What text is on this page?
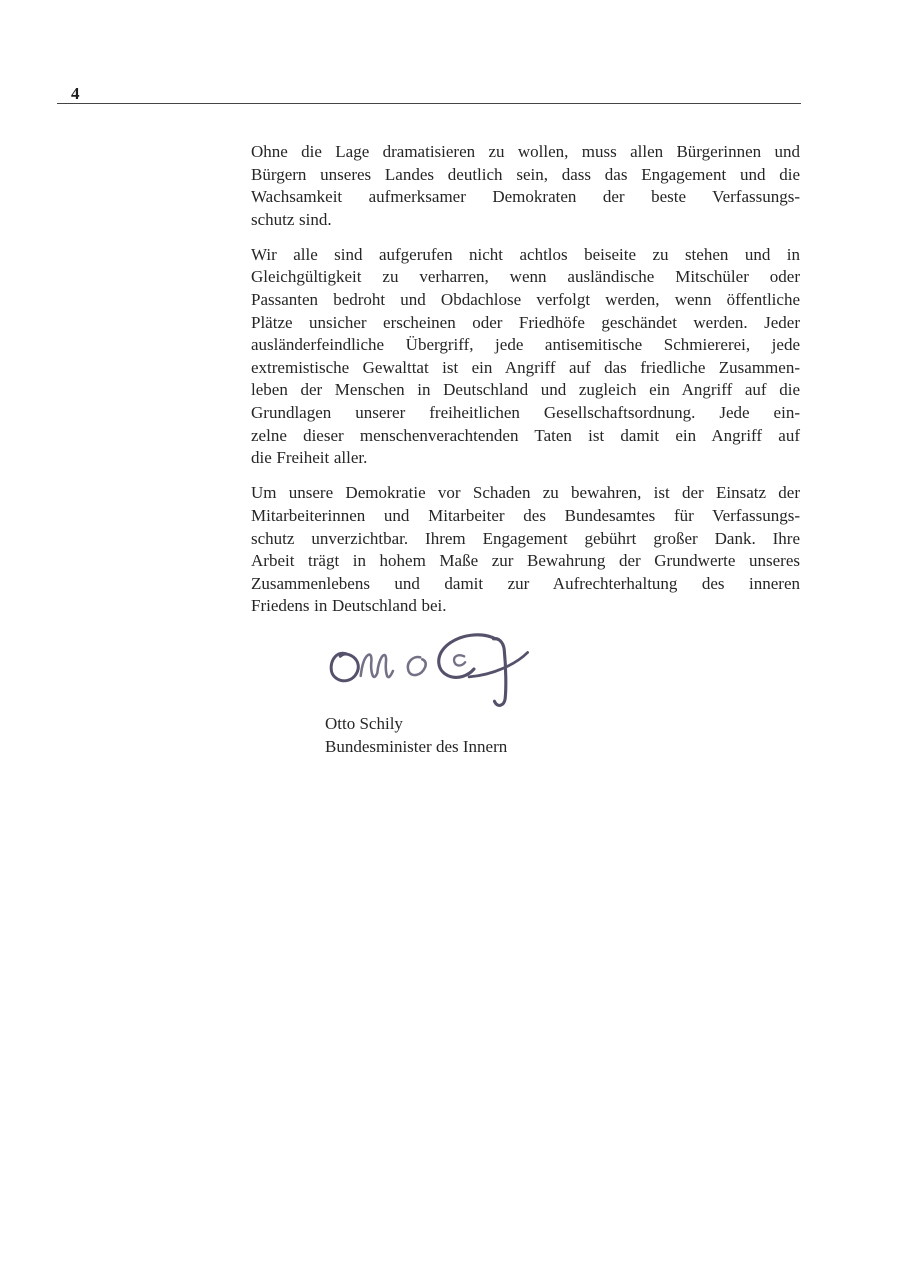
4
Ohne die Lage dramatisieren zu wollen, muss allen Bürgerinnen und
Bürgern unseres Landes deutlich sein, dass das Engagement und die
Wachsamkeit aufmerksamer Demokraten der beste Verfassungs-
schutz sind.
Wir alle sind aufgerufen nicht achtlos beiseite zu stehen und in
Gleichgültigkeit zu verharren, wenn ausländische Mitschüler oder
Passanten bedroht und Obdachlose verfolgt werden, wenn öffentliche
Plätze unsicher erscheinen oder Friedhöfe geschändet werden. Jeder
ausländerfeindliche Übergriff, jede antisemitische Schmiererei, jede
extremistische Gewalttat ist ein Angriff auf das friedliche Zusammen-
leben der Menschen in Deutschland und zugleich ein Angriff auf die
Grundlagen unserer freiheitlichen Gesellschaftsordnung. Jede ein-
zelne dieser menschenverachtenden Taten ist damit ein Angriff auf
die Freiheit aller.
Um unsere Demokratie vor Schaden zu bewahren, ist der Einsatz der
Mitarbeiterinnen und Mitarbeiter des Bundesamtes für Verfassungs-
schutz unverzichtbar. Ihrem Engagement gebührt großer Dank. Ihre
Arbeit trägt in hohem Maße zur Bewahrung der Grundwerte unseres
Zusammenlebens und damit zur Aufrechterhaltung des inneren
Friedens in Deutschland bei.
Otto Schily
Bundesminister des Innern
